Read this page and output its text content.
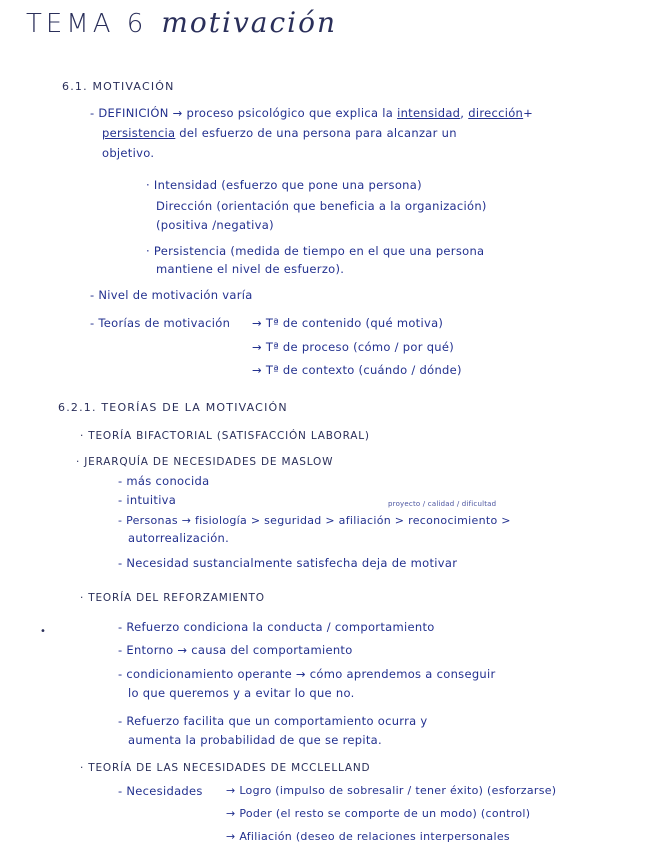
TEMA 6 motivación
6.1. MOTIVACIÓN
- DEFINICIÓN → proceso psicológico que explica la intensidad, dirección+
persistencia del esfuerzo de una persona para alcanzar un
objetivo.
· Intensidad (esfuerzo que pone una persona)
Dirección (orientación que beneficia a la organización)
(positiva /negativa)
· Persistencia (medida de tiempo en el que una persona
mantiene el nivel de esfuerzo).
- Nivel de motivación varía
- Teorías de motivación → Tª de contenido (qué motiva)
→ Tª de proceso (cómo / por qué)
→ Tª de contexto (cuándo / dónde)
6.2.1. TEORÍAS DE LA MOTIVACIÓN
· TEORÍA BIFACTORIAL (SATISFACCIÓN LABORAL)
· JERARQUÍA DE NECESIDADES DE MASLOW
- más conocida
- intuitiva	proyecto / calidad / dificultad
- Personas → fisiología > seguridad > afiliación > reconocimiento >
autorrealización.
- Necesidad sustancialmente satisfecha deja de motivar
· TEORÍA DEL REFORZAMIENTO
•	- Refuerzo condiciona la conducta / comportamiento
- Entorno → causa del comportamiento
- condicionamiento operante → cómo aprendemos a conseguir
lo que queremos y a evitar lo que no.
- Refuerzo facilita que un comportamiento ocurra y
aumenta la probabilidad de que se repita.
· TEORÍA DE LAS NECESIDADES DE MCCLELLAND
- Necesidades → Logro (impulso de sobresalir / tener éxito) (esforzarse)
→ Poder (el resto se comporte de un modo) (control)
→ Afiliación (deseo de relaciones interpersonales
